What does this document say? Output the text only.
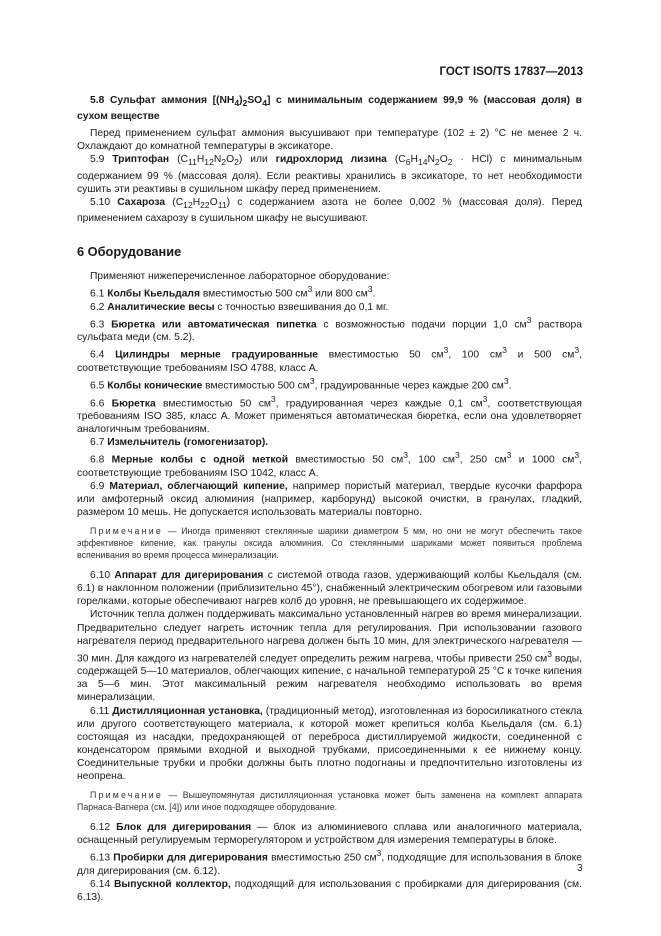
ГОСТ ISO/TS 17837—2013

5.8 Сульфат аммония $[(NH_4)_2SO_4]$ с минимальным содержанием 99,9 % (массовая доля) в сухом веществе

Перед применением сульфат аммония высушивают при температуре (102 ± 2) °С не менее 2 ч. Охлаждают до комнатной температуры в эксикаторе.

5.9 Триптофан $(C_{11}H_{12}N_2O_2)$ или гидрохлорид лизина $(C_6H_{14}N_2O_2 \cdot HCl)$ с минимальным содержанием 99 % (массовая доля). Если реактивы хранились в эксикаторе, то нет необходимости сушить эти реактивы в сушильном шкафу перед применением.

5.10 Сахароза $(C_{12}H_{22}O_{11})$ с содержанием азота не более 0,002 % (массовая доля). Перед применением сахарозу в сушильном шкафу не высушивают.

6 Оборудование

Применяют нижеперечисленное лабораторное оборудование:

6.1 Колбы Кьельдаля вместимостью 500 $см^3$ или 800 $см^3$.

6.2 Аналитические весы с точностью взвешивания до 0,1 мг.

6.3 Бюретка или автоматическая пипетка с возможностью подачи порции 1,0 $см^3$ раствора сульфата меди (см. 5.2).

6.4 Цилиндры мерные градуированные вместимостью 50 $см^3$, 100 $см^3$ и 500 $см^3$, соответствующие требованиям ISO 4788, класс А.

6.5 Колбы конические вместимостью 500 $см^3$, градуированные через каждые 200 $см^3$.

6.6 Бюретка вместимостью 50 $см^3$, градуированная через каждые 0,1 $см^3$, соответствующая требованиям ISO 385, класс А. Может применяться автоматическая бюретка, если она удовлетворяет аналогичным требованиям.

6.7 Измельчитель (гомогенизатор).

6.8 Мерные колбы с одной меткой вместимостью 50 $см^3$, 100 $см^3$, 250 $см^3$ и 1000 $см^3$, соответствующие требованиям ISO 1042, класс А.

6.9 Материал, облегчающий кипение, например пористый материал, твердые кусочки фарфора или амфотерный оксид алюминия (например, карборунд) высокой очистки, в гранулах, гладкий, размером 10 мешь. Не допускается использовать материалы повторно.

Примечание — Иногда применяют стеклянные шарики диаметром 5 мм, но они не могут обеспечить такое эффективное кипение, как гранулы оксида алюминия. Со стеклянными шариками может появиться проблема вспенивания во время процесса минерализации.

6.10 Аппарат для дигерирования с системой отвода газов, удерживающий колбы Кьельдаля (см. 6.1) в наклонном положении (приблизительно 45°), снабженный электрическим обогревом или газовыми горелками, которые обеспечивают нагрев колб до уровня, не превышающего их содержимое.

Источник тепла должен поддерживать максимально установленный нагрев во время минерализации. Предварительно следует нагреть источник тепла для регулирования. При использовании газового нагревателя период предварительного нагрева должен быть 10 мин, для электрического нагревателя — 30 мин. Для каждого из нагревателей следует определить режим нагрева, чтобы привести 250 $см^3$ воды, содержащей 5—10 материалов, облегчающих кипение, с начальной температурой 25 °С к точке кипения за 5—6 мин. Этот максимальный режим нагревателя необходимо использовать во время минерализации.

6.11 Дистилляционная установка, (традиционный метод), изготовленная из боросиликатного стекла или другого соответствующего материала, к которой может крепиться колба Кьельдаля (см. 6.1) состоящая из насадки, предохраняющей от переброса дистиллируемой жидкости, соединенной с конденсатором прямыми входной и выходной трубками, присоединенными к ее нижнему концу. Соединительные трубки и пробки должны быть плотно подогнаны и предпочтительно изготовлены из неопрена.

Примечание — Вышеупомянутая дистилляционная установка может быть заменена на комплект аппарата Парнаса-Вагнера (см. [4]) или иное подходящее оборудование.

6.12 Блок для дигерирования — блок из алюминиевого сплава или аналогичного материала, оснащенный регулируемым терморегулятором и устройством для измерения температуры в блоке.

6.13 Пробирки для дигерирования вместимостью 250 $см^3$, подходящие для использования в блоке для дигерирования (см. 6.12).

6.14 Выпускной коллектор, подходящий для использования с пробирками для дигерирования (см. 6.13).

3
